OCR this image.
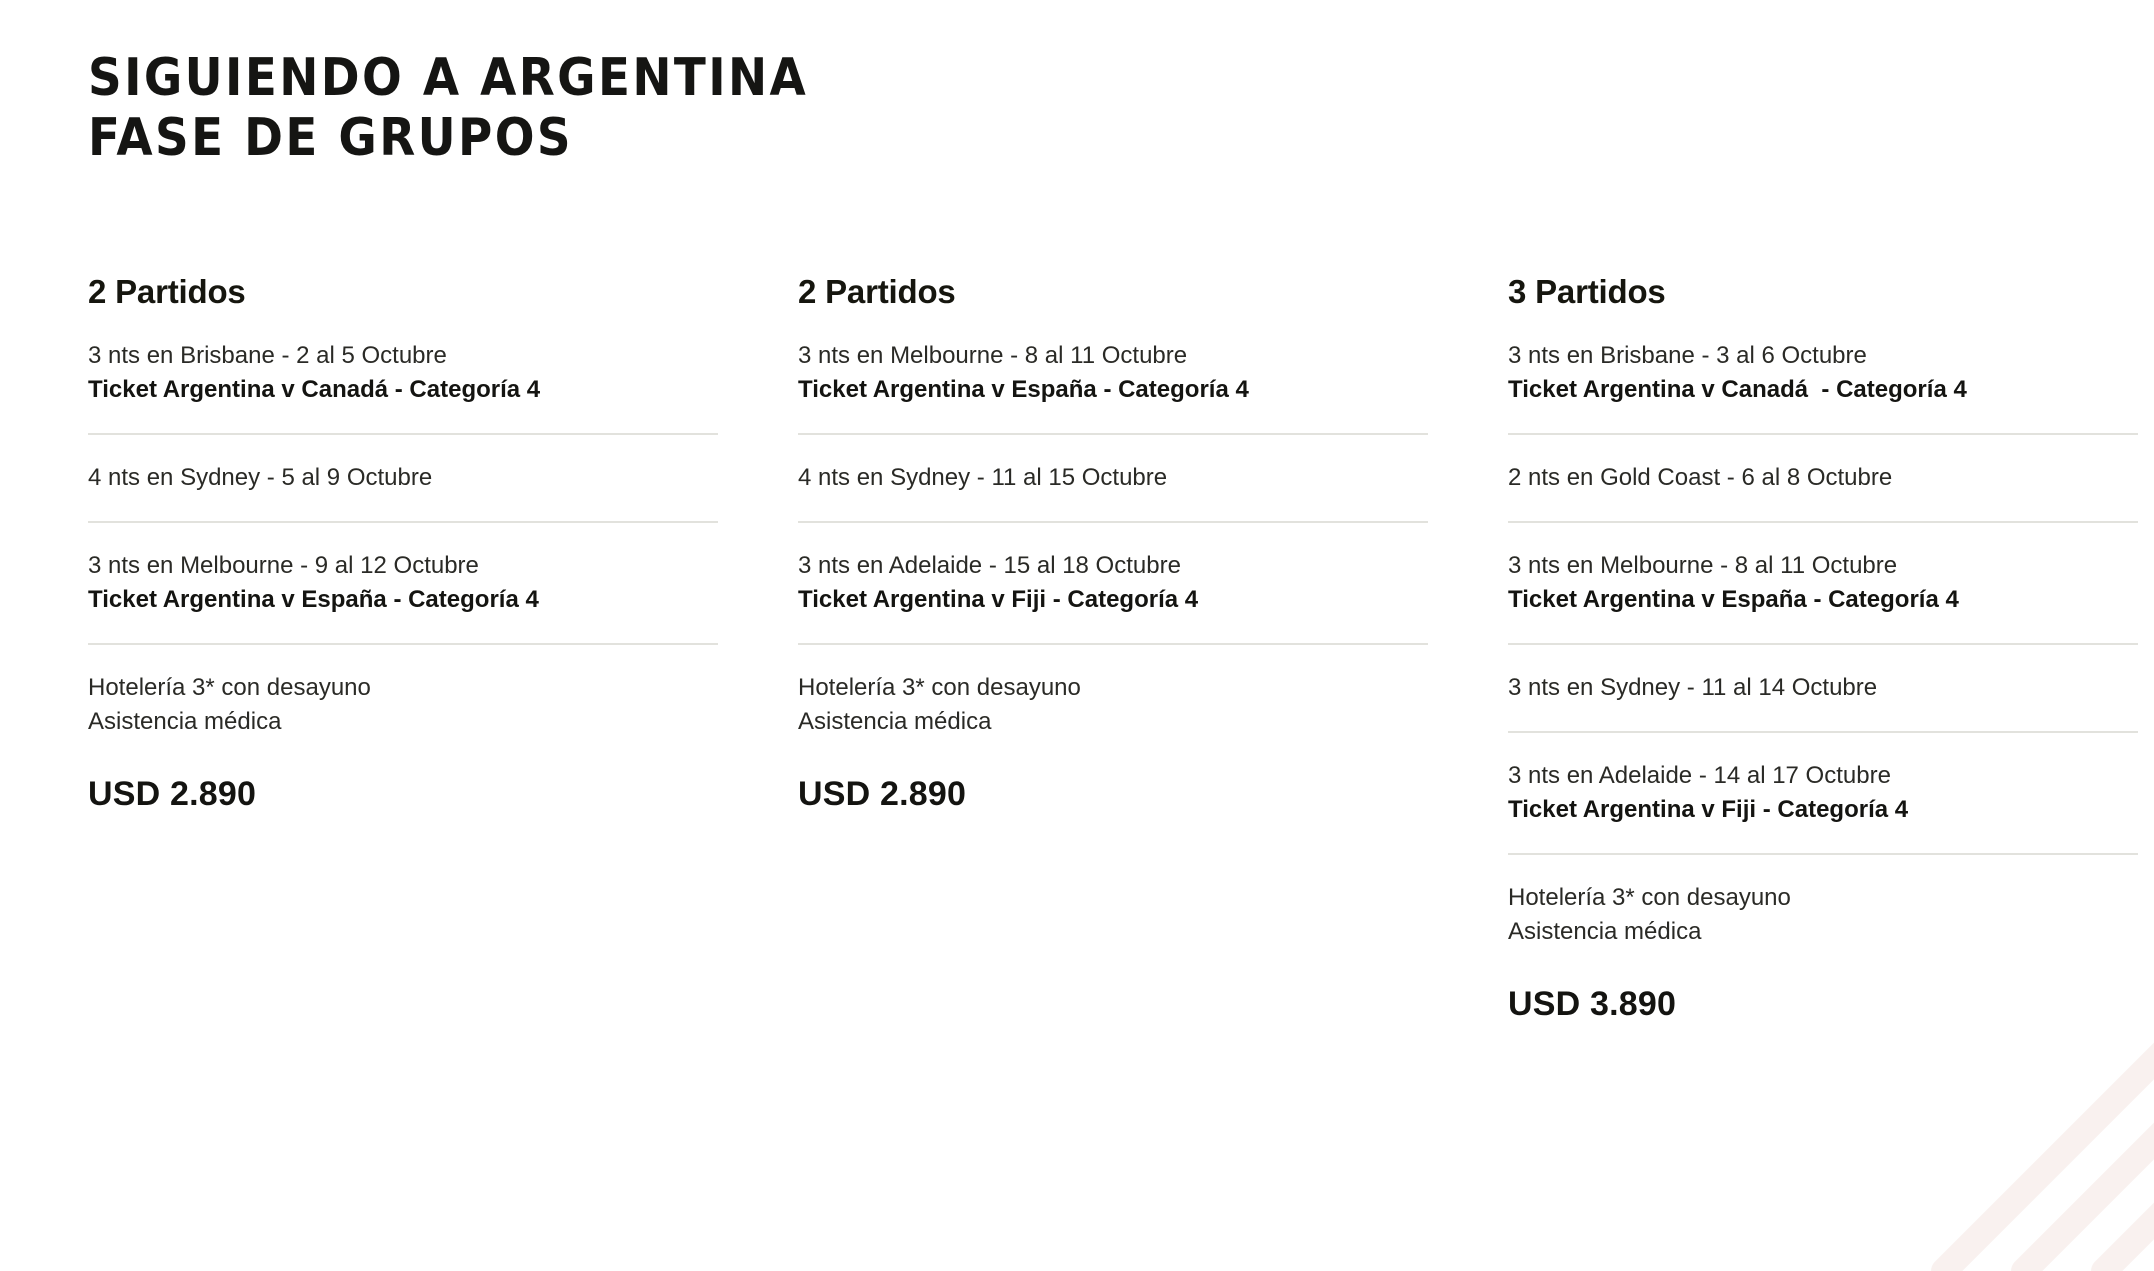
SIGUIENDO A ARGENTINA
FASE DE GRUPOS
2 Partidos
3 nts en Brisbane - 2 al 5 Octubre
Ticket Argentina v Canadá - Categoría 4
4 nts en Sydney - 5 al 9 Octubre
3 nts en Melbourne - 9 al 12 Octubre
Ticket Argentina v España - Categoría 4
Hotelería 3* con desayuno
Asistencia médica
USD 2.890
2 Partidos
3 nts en Melbourne - 8 al 11 Octubre
Ticket Argentina v España - Categoría 4
4 nts en Sydney - 11 al 15 Octubre
3 nts en Adelaide - 15 al 18 Octubre
Ticket Argentina v Fiji - Categoría 4
Hotelería 3* con desayuno
Asistencia médica
USD 2.890
3 Partidos
3 nts en Brisbane - 3 al 6 Octubre
Ticket Argentina v Canadá  - Categoría 4
2 nts en Gold Coast - 6 al 8 Octubre
3 nts en Melbourne - 8 al 11 Octubre
Ticket Argentina v España - Categoría 4
3 nts en Sydney - 11 al 14 Octubre
3 nts en Adelaide - 14 al 17 Octubre
Ticket Argentina v Fiji - Categoría 4
Hotelería 3* con desayuno
Asistencia médica
USD 3.890
